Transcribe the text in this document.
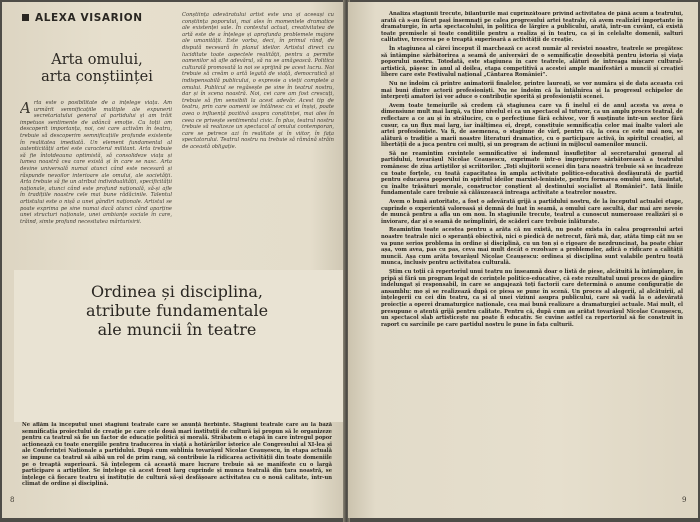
ALEXA VISARION
Arta omului,
arta conștiinței
Arta este o posibilitate de a înțelege viața. Am urmărit semnificațiile multiple ale expunerii secretariatului general al partidului și am trăit impetuos sentimente de adâncă emoție. Cu toții am descoperit importanța, noi, cei care activăm în teatru, trebuie să descoperim semnificațiile profunde existente în realitatea imediată. Un element fundamental al autenticității artei este caracterul militant. Arta trebuie să fie întotdeauna optimistă, să consolideze viața și lumea noastră cea care există și în care se nasc. Arta devine universală numai atunci când este necesară și răspunde nevoilor interioare ale omului, ale societății. Arta trebuie să fie un atribut individualității, specificității naționale, atunci când este profund națională, să-și afle în tradițiile noastre cele mai bune rădăcinile. Talentul artistului este o nișă a unei gândiri naționale. Artistul se poate exprima pe sine numai dacă atunci când aparține unei structuri naționale, unei ambianțe sociale în care, trăind, simte profund necesitatea mărturisirii.
Conștiința adevăratului artist este una și aceeași cu conștiința poporului, mai ales în momentele dramatice ale existenței sale. În contextul actual, creativitatea de artă este de a înțelege și aprofunda problemele majore ale umanității. Este vorba, deci, în primul rând, de dispută necesară în planul ideilor. Artistul direct cu luciditate toate aspectele realității, pentru a permite oamenilor să afle adevărul, să nu se amăgească. Politica culturală promovată la noi se sprijină pe acest lucru. Noi trebuie să creăm o artă legată de viață, democratică și indispensabilă publicului, o expresie a vieții complete a omului. Publicul se regăsește pe sine în teatrul nostru, dar și în scena noastră. Noi, cei care am fost crescuți, trebuie să fim sensibili la acest adevăr. Acest tip de teatru, prin care oamenii se întâlnesc cu ei înșiși, poate avea o influență pozitivă asupra conștiinței, mai ales în ceea ce privește sentimentul civic. În plus, teatrul nostru trebuie să realizeze un spectacol al omului contemporan, care se petrece azi în realitate și în viitor, în fața spectatorului. Teatrul nostru nu trebuie să rămână străin de această obligație.
Ordinea și disciplina,
atribute fundamentale
ale muncii în teatre
Ne aflăm la începutul unei stagiuni teatrale care se anunță fierbinte. Stagiuni teatrale care au la bază semnificația proiectului de creație pe care cele două mari instituții de cultură își propun să le organizeze pentru ca teatrul să fie un factor de educație politică și morală. Străbatem o etapă în care întregul popor acționează cu toate energiile pentru traducerea în viață a hotărârilor istorice ale Congresului al XI-lea și ale Conferinței Naționale a partidului. După cum sublinia tovarășul Nicolae Ceaușescu, în etapa actuală se impune ca teatrul să aibă un rol de prim rang, să contribuie la ridicarea activității din toate domeniile pe o treaptă superioară. Să înțelegem că această mare lucrare trebuie să se manifeste cu o largă participare a artiștilor. Se înțelege că acest front larg cuprinde și munca teatrală din țara noastră, se înțelege că fiecare teatru și instituție de cultură să-și desfășoare activitatea cu o nouă calitate, într-un climat de ordine și disciplină.
8

Analiza stagiunii trecute, bilanțurile mai cuprinzătoare privind activitatea de până acum a teatrului, arată că s-au făcut pași însemnați pe calea progresului artei teatrale, că avem realizări importante în dramaturgie, în arta spectacolului, în politica de lărgire a publicului, arată, într-un cuvânt, că există toate premisele și toate condițiile pentru a realiza și în teatru, ca și în celelalte domenii, salturi calitative, trecerea pe o treaptă superioară a activității de creație.

În stagiunea al cărei început îl marchează ce acest număr al revistei noastre, teatrele se pregătesc să întâmpine sărbătorirea a seamă de aniversări de o semnificație deosebită pentru istoria și viața poporului nostru. Totodată, este stagiunea în care teatrele, alături de întreaga mișcare cultural-artistică, pășesc în anul al doilea, etapa competitivă a acestei ample manifestări a muncii și creației libere care este Festivalul național „Cântarea României”.

Nu ne îndoim că printre animatorii finalelor, printre laureați, se vor număra și de data aceasta cei mai buni dintre actorii profesioniști. Nu ne îndoim că la întâlnirea și la progresul echipelor de interpreți amatori își vor aduce o contribuție sporită și profesioniștii scenei.

Avem toate temeiurile să credem că stagiunea care va fi inelul ei de anul acesta va avea o dimensiune mult mai largă, va ține nivelul ei ca un spectacol al tuturor, ca un amplu proces teatral, de reflectare a ce au și în strălucire, cu o perfecțiune fără echivoc, vor fi susținute într-un sector fără cusur, ca un flux mai larg, iar înălțimea ei, drept, constituie semnificația celor mai înalte valori ale artei profesioniste. Va fi, de asemenea, o stagiune de vârf, pentru că, la ceea ce este mai nou, se alătură o tradiție a marii noastre literaturi dramatice, cu o participare activă, în spiritul creației, al libertății de a juca pentru cei mulți, și un program de acțiuni în mijlocul oamenilor muncii.

Să ne reamintim cuvintele semnificative și îndemnul însuflețitor al secretarului general al partidului, tovarășul Nicolae Ceaușescu, exprimate într-o împrejurare sărbătorească a teatrului românesc de ziua artiștilor și scriitorilor. „Toți slujitorii scenei din țara noastră trebuie să se încadreze cu toate forțele, cu toată capacitatea în ampla activitate politico-educativă desfășurată de partid pentru educarea poporului în spiritul ideilor marxist-leniniste, pentru formarea omului nou, înaintat, cu înalte trăsături morale, constructor conștient al destinului socialist al României”. Iată liniile fundamentale care trebuie să călăuzească întreaga activitate a teatrelor noastre.

Avem o bună autoritate, a fost o adevărată grijă a partidului nostru, de la începutul actualei etape, cuprinde o experiență valoroasă și demnă de luat în seamă, a omului care ascultă, dar mai are nevoie de muncă pentru a afla un om nou. În stagiunile trecute, teatrul a cunoscut numeroase realizări și o înviorare, dar și o seamă de neîmpliniri, de scăderi care trebuie înlăturate.

Reamintim toate acestea pentru a arăta că nu există, nu poate exista în calea progresului artei noastre teatrale nici o speranță obiectivă, nici o piedică de netrecut, fără mă, dar, atâta timp cât nu se va pune serios problema în ordine și disciplină, cu un ton și o rigoare de nezdruncinat, ba poate chiar așa, vom avea, pas cu pas, ceva mai mult decât o rezolvare a problemelor, adică o ridicare a calității muncii. Așa cum arăta tovarășul Nicolae Ceaușescu: ordinea și disciplina sunt valabile pentru toată munca, inclusiv pentru activitatea culturală.

Știm cu toții că repertoriul unui teatru nu înseamnă doar o listă de piese, alcătuită la întâmplare, în pripă și fără un program legat de cerințele politico-educative, că este rezultatul unui proces de gândire îndelungat și responsabil, în care se angajează toți factorii care determină o anume configurație de ansamblu: mo și se realizează după ce piesa se pune în scenă. Un proces al alegerii, al alcătuirii, al înțelegerii cu cei din teatru, ca și al unei viziuni asupra publicului, care să vadă la o adevărată proiecție a operei dramaturgice naționale, cea mai bună realizare a dramaturgiei actuale. Mai mult, el presupune o atentă grijă pentru calitate. Pentru că, după cum au arătat tovarășul Nicolae Ceaușescu, un spectacol slab artisticește nu poate fi educativ. Se cuvine astfel ca repertoriul să fie construit în raport cu sarcinile pe care partidul nostru le pune în fața culturii.

9
